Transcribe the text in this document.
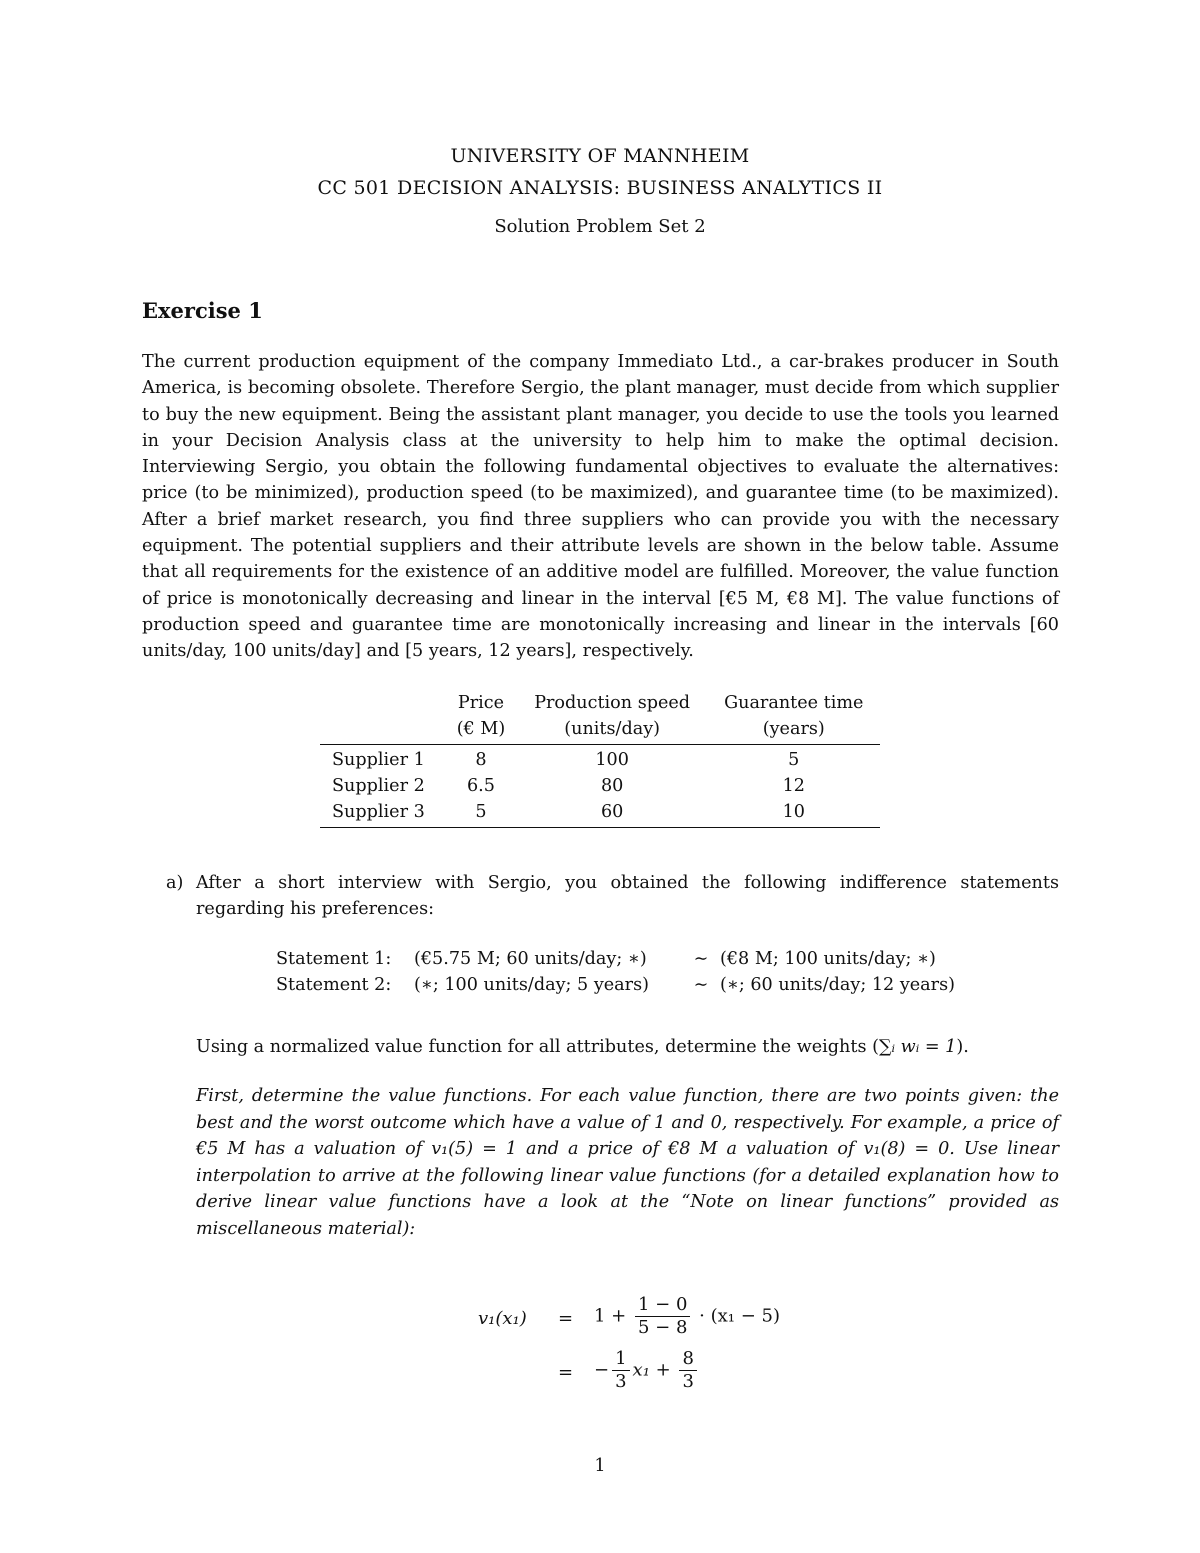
UNIVERSITY OF MANNHEIM
CC 501 DECISION ANALYSIS: BUSINESS ANALYTICS II
Solution Problem Set 2
Exercise 1
The current production equipment of the company Immediato Ltd., a car-brakes producer in South America, is becoming obsolete. Therefore Sergio, the plant manager, must decide from which supplier to buy the new equipment. Being the assistant plant manager, you decide to use the tools you learned in your Decision Analysis class at the university to help him to make the optimal decision. Interviewing Sergio, you obtain the following fundamental objectives to evaluate the alternatives: price (to be minimized), production speed (to be maximized), and guarantee time (to be maximized). After a brief market research, you find three suppliers who can provide you with the necessary equipment. The potential suppliers and their attribute levels are shown in the below table. Assume that all requirements for the existence of an additive model are fulfilled. Moreover, the value function of price is monotonically decreasing and linear in the interval [€5 M, €8 M]. The value functions of production speed and guarantee time are monotonically increasing and linear in the intervals [60 units/day, 100 units/day] and [5 years, 12 years], respectively.
	Price	Production speed	Guarantee time
	(€ M)	(units/day)	(years)
Supplier 1	8	100	5
Supplier 2	6.5	80	12
Supplier 3	5	60	10
a) After a short interview with Sergio, you obtained the following indifference statements regarding his preferences:
Statement 1:	(€5.75 M; 60 units/day; ∗)	∼ (€8 M; 100 units/day; ∗)
Statement 2:	(∗; 100 units/day; 5 years)	∼ (∗; 60 units/day; 12 years)
Using a normalized value function for all attributes, determine the weights (∑ᵢ wᵢ = 1).
First, determine the value functions. For each value function, there are two points given: the best and the worst outcome which have a value of 1 and 0, respectively. For example, a price of €5 M has a valuation of v₁(5) = 1 and a price of €8 M a valuation of v₁(8) = 0. Use linear interpolation to arrive at the following linear value functions (for a detailed explanation how to derive linear value functions have a look at the “Note on linear functions” provided as miscellaneous material):
$v_1(x_1) = 1 + \frac{1 - 0}{5 - 8} \cdot (x_1 - 5)$
= − $\frac{1}{3} x_1 + \frac{8}{3}$
1
